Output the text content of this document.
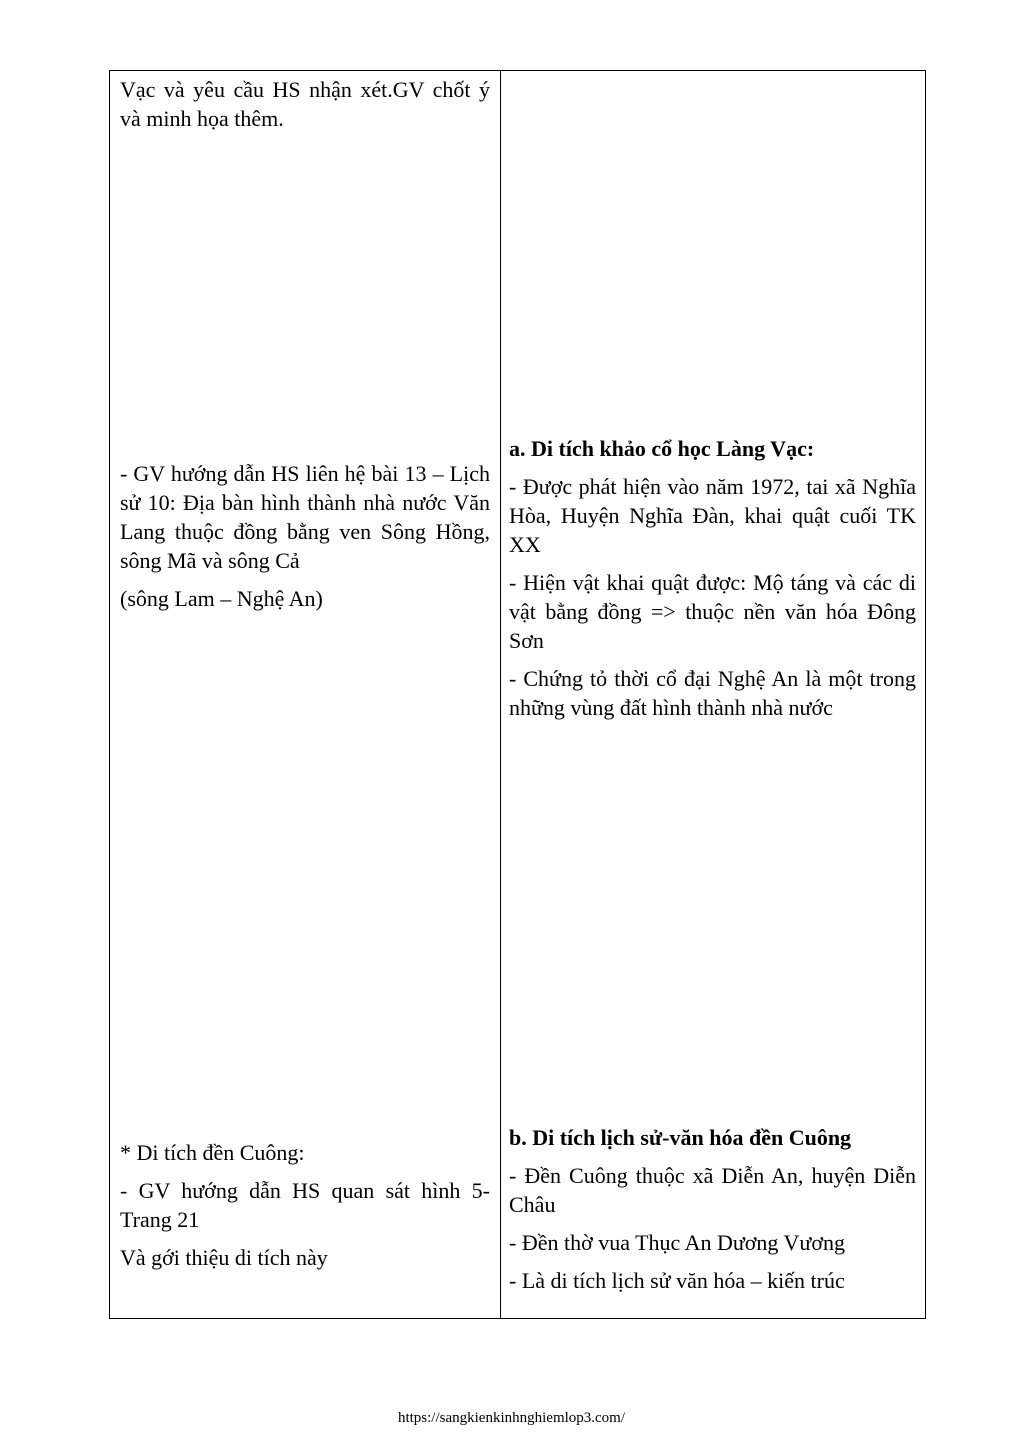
Vạc và yêu cầu HS nhận xét.GV chốt ý và minh họa thêm.

- GV hướng dẫn HS liên hệ bài 13 – Lịch sử 10: Địa bàn hình thành nhà nước Văn Lang thuộc đồng bằng ven Sông Hồng, sông Mã và sông Cả

(sông Lam – Nghệ An)

* Di tích đền Cuông:

- GV hướng dẫn HS quan sát hình 5- Trang 21

Và gới thiệu di tích này

a. Di tích khảo cổ học Làng Vạc:

- Được phát hiện vào năm 1972, tai xã Nghĩa Hòa, Huyện Nghĩa Đàn, khai quật cuối TK XX

- Hiện vật khai quật được: Mộ táng và các di vật bằng đồng => thuộc nền văn hóa Đông Sơn

- Chứng tỏ thời cổ đại Nghệ An là một trong những vùng đất hình thành nhà nước

b. Di tích lịch sử-văn hóa đền Cuông

- Đền Cuông thuộc xã Diễn An, huyện Diễn Châu

- Đền thờ vua Thục An Dương Vương

- Là di tích lịch sử văn hóa – kiến trúc

https://sangkienkinhnghiemlop3.com/
